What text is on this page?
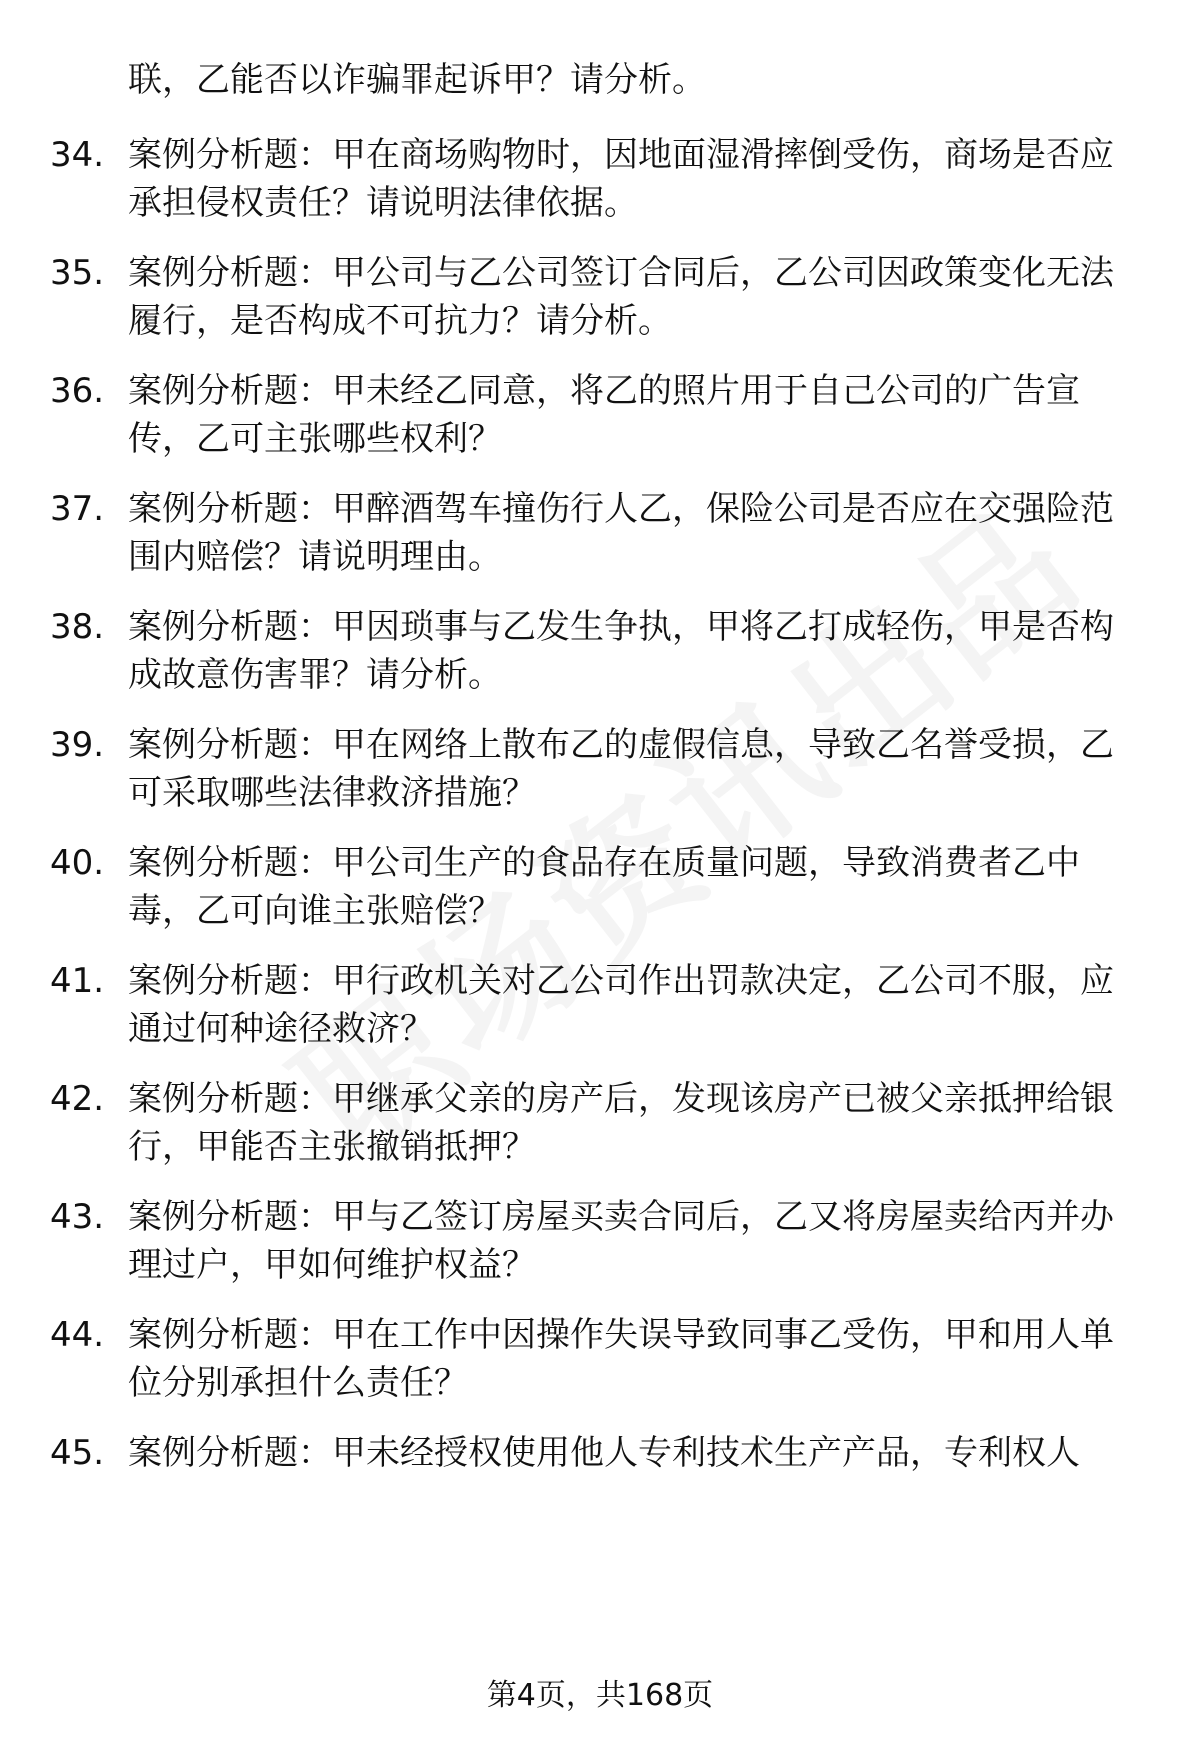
联，乙能否以诈骗罪起诉甲？请分析。

34. 案例分析题：甲在商场购物时，因地面湿滑摔倒受伤，商场是否应承担侵权责任？请说明法律依据。
35. 案例分析题：甲公司与乙公司签订合同后，乙公司因政策变化无法履行，是否构成不可抗力？请分析。
36. 案例分析题：甲未经乙同意，将乙的照片用于自己公司的广告宣传，乙可主张哪些权利？
37. 案例分析题：甲醉酒驾车撞伤行人乙，保险公司是否应在交强险范围内赔偿？请说明理由。
38. 案例分析题：甲因琐事与乙发生争执，甲将乙打成轻伤，甲是否构成故意伤害罪？请分析。
39. 案例分析题：甲在网络上散布乙的虚假信息，导致乙名誉受损，乙可采取哪些法律救济措施？
40. 案例分析题：甲公司生产的食品存在质量问题，导致消费者乙中毒，乙可向谁主张赔偿？
41. 案例分析题：甲行政机关对乙公司作出罚款决定，乙公司不服，应通过何种途径救济？
42. 案例分析题：甲继承父亲的房产后，发现该房产已被父亲抵押给银行，甲能否主张撤销抵押？
43. 案例分析题：甲与乙签订房屋买卖合同后，乙又将房屋卖给丙并办理过户，甲如何维护权益？
44. 案例分析题：甲在工作中因操作失误导致同事乙受伤，甲和用人单位分别承担什么责任？
45. 案例分析题：甲未经授权使用他人专利技术生产产品，专利权人
第4页，共168页
